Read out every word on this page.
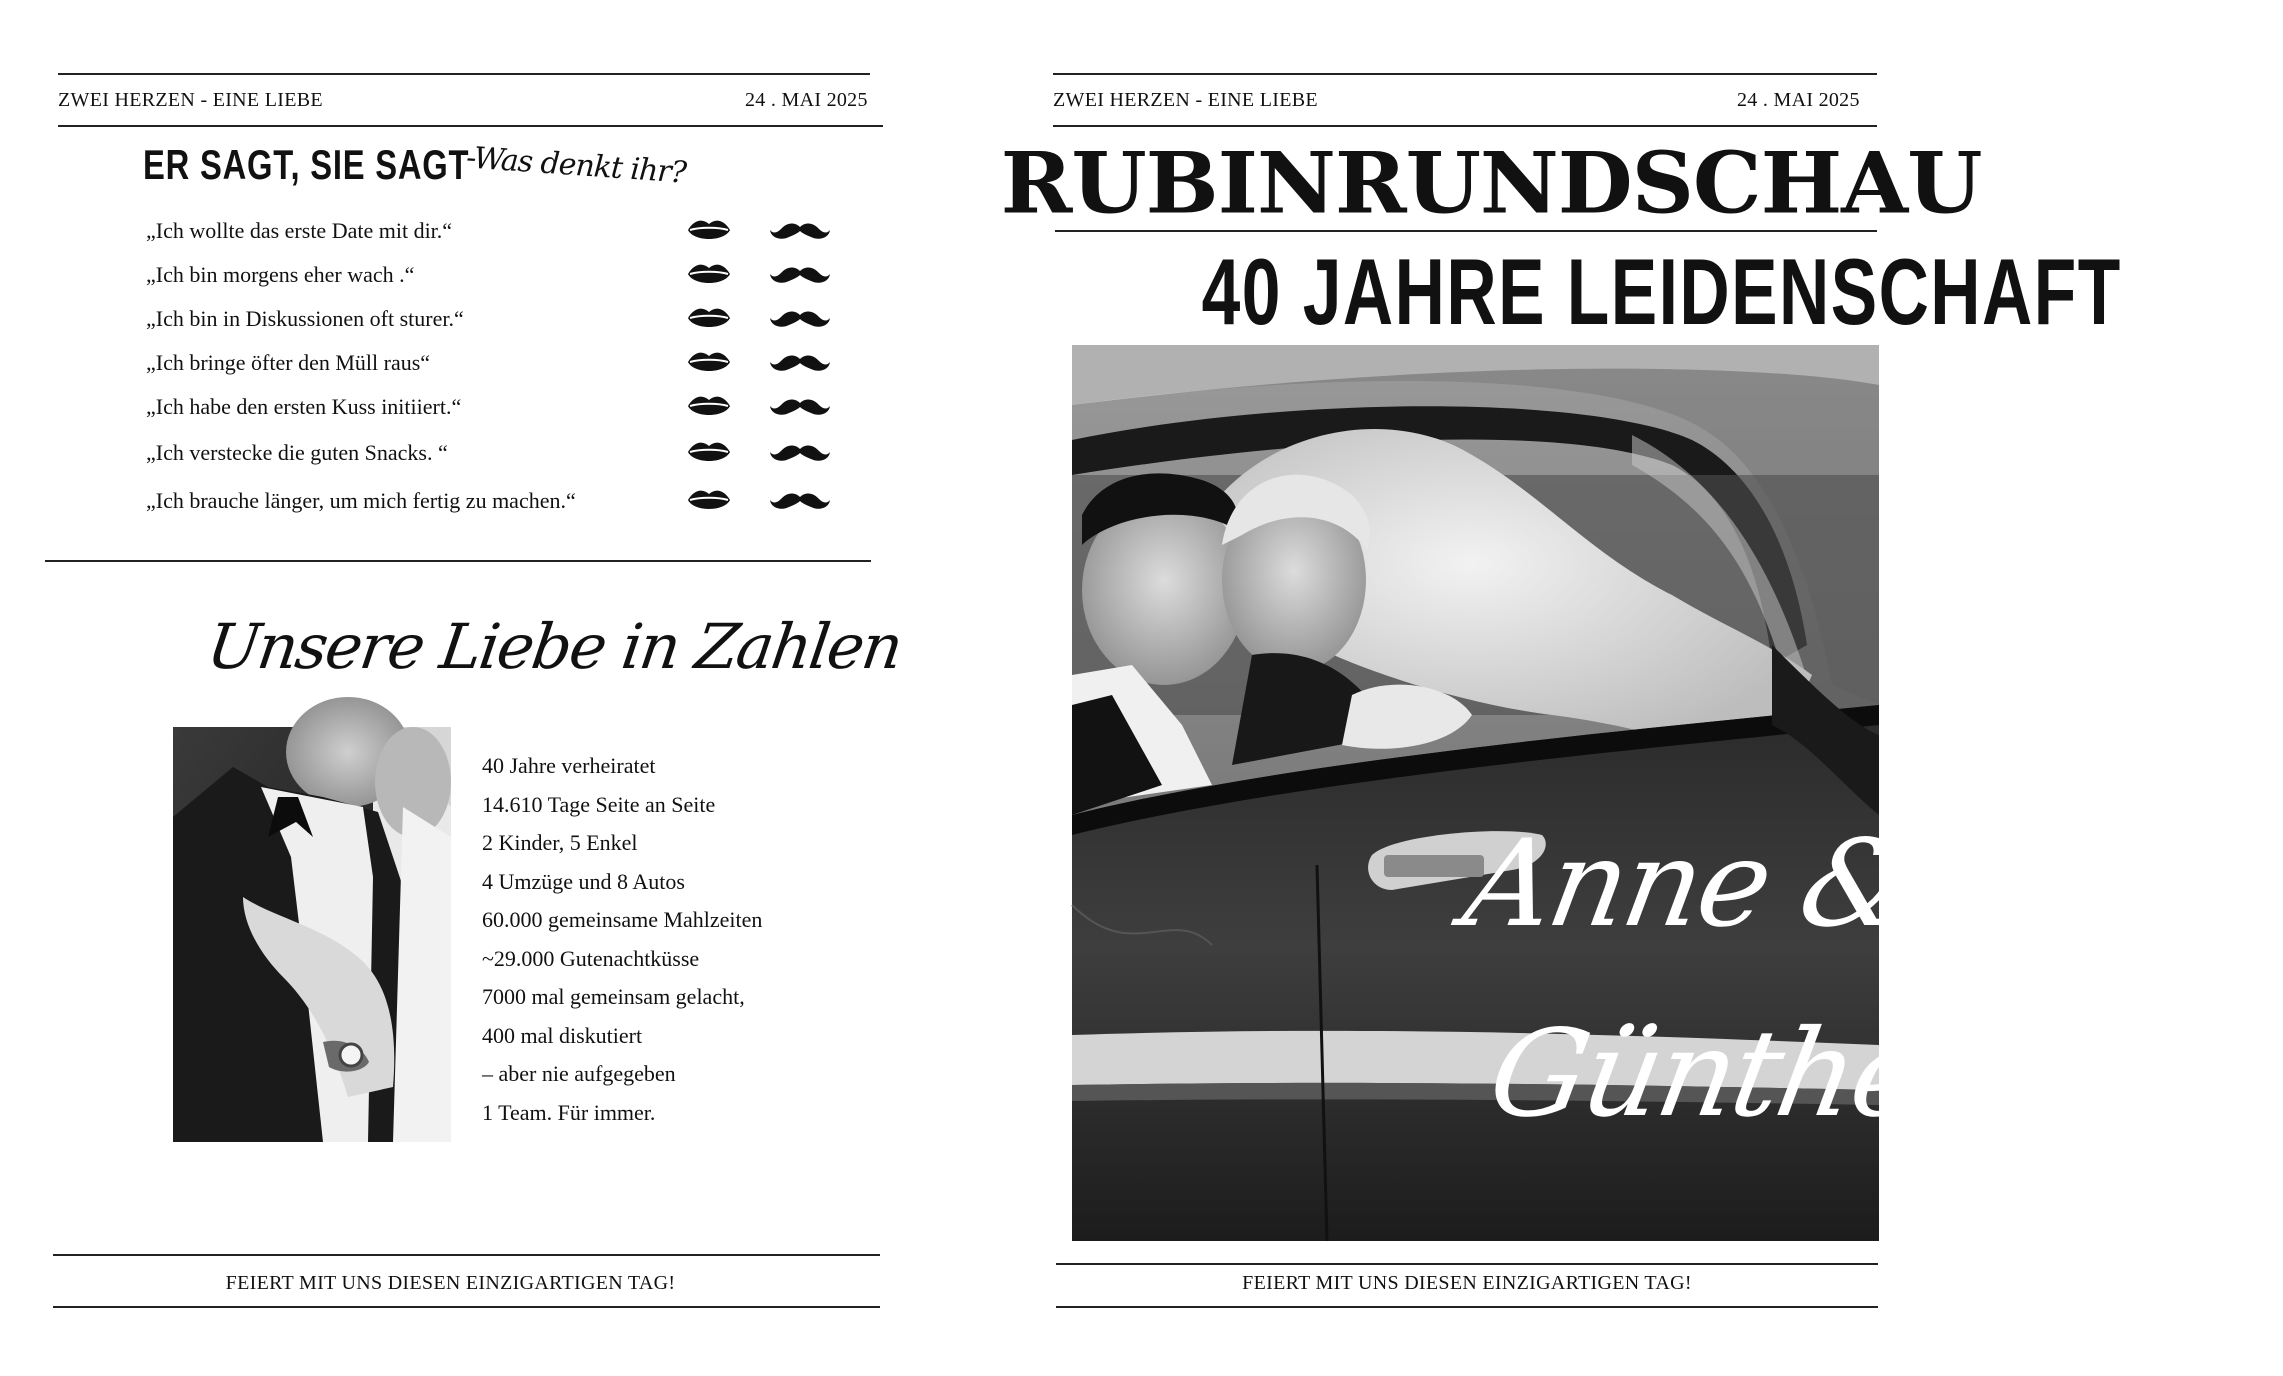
ZWEI HERZEN - EINE LIEBE	24 . MAI 2025
ER SAGT, SIE SAGT
-Was denkt ihr?
„Ich wollte das erste Date mit dir.“
„Ich bin morgens eher wach .“
„Ich bin in Diskussionen oft sturer.“
„Ich bringe öfter den Müll raus“
„Ich habe den ersten Kuss initiiert.“
„Ich verstecke die guten Snacks. “
„Ich brauche länger, um mich fertig zu machen.“
Unsere Liebe in Zahlen
40 Jahre verheiratet
14.610 Tage Seite an Seite
2 Kinder, 5 Enkel
4 Umzüge und 8 Autos
60.000 gemeinsame Mahlzeiten
~29.000 Gutenachtküsse
7000 mal gemeinsam gelacht,
400 mal diskutiert
– aber nie aufgegeben
1 Team. Für immer.
FEIERT MIT UNS DIESEN EINZIGARTIGEN TAG!
ZWEI HERZEN - EINE LIEBE	24 . MAI 2025
RUBINRUNDSCHAU
40 JAHRE LEIDENSCHAFT
Anne &
Günther
FEIERT MIT UNS DIESEN EINZIGARTIGEN TAG!
